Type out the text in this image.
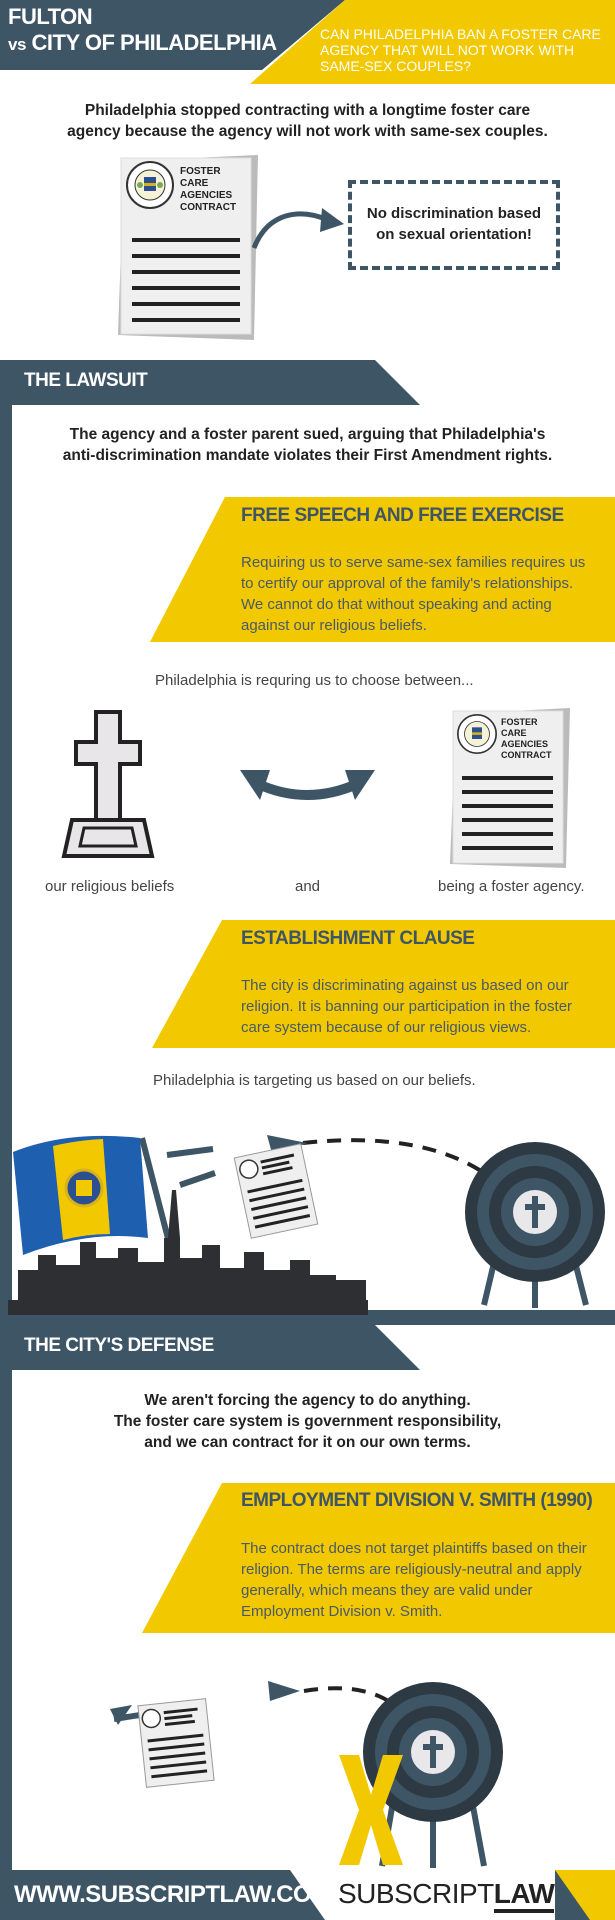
FULTON
vs CITY OF PHILADELPHIA	CAN PHILADELPHIA BAN A FOSTER CARE AGENCY THAT WILL NOT WORK WITH SAME-SEX COUPLES?
Philadelphia stopped contracting with a longtime foster care agency because the agency will not work with same-sex couples.
FOSTER CARE AGENCIES CONTRACT	No discrimination based on sexual orientation!
THE LAWSUIT
The agency and a foster parent sued, arguing that Philadelphia's anti-discrimination mandate violates their First Amendment rights.
FREE SPEECH AND FREE EXERCISE
Requiring us to serve same-sex families requires us to certify our approval of the family's relationships. We cannot do that without speaking and acting against our religious beliefs.
Philadelphia is requring us to choose between...
FOSTER CARE AGENCIES CONTRACT
our religious beliefs	and	being a foster agency.
ESTABLISHMENT CLAUSE
The city is discriminating against us based on our religion. It is banning our participation in the foster care system because of our religious views.
Philadelphia is targeting us based on our beliefs.
THE CITY'S DEFENSE
We aren't forcing the agency to do anything.
The foster care system is government responsibility,
and we can contract for it on our own terms.
EMPLOYMENT DIVISION V. SMITH (1990)
The contract does not target plaintiffs based on their religion. The terms are religiously-neutral and apply generally, which means they are valid under Employment Division v. Smith.
WWW.SUBSCRIPTLAW.COM SUBSCRIPTLAW
